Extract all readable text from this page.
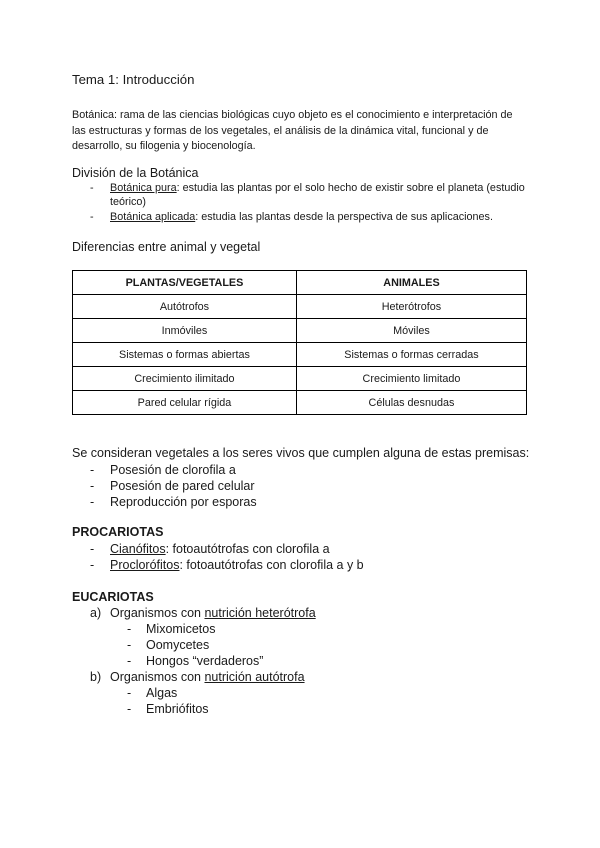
Tema 1: Introducción
Botánica: rama de las ciencias biológicas cuyo objeto es el conocimiento e interpretación de las estructuras y formas de los vegetales, el análisis de la dinámica vital, funcional y de desarrollo, su filogenia y biocenología.
División de la Botánica
- Botánica pura: estudia las plantas por el solo hecho de existir sobre el planeta (estudio teórico)
- Botánica aplicada: estudia las plantas desde la perspectiva de sus aplicaciones.
Diferencias entre animal y vegetal
PLANTAS/VEGETALES	ANIMALES
Autótrofos	Heterótrofos
Inmóviles	Móviles
Sistemas o formas abiertas	Sistemas o formas cerradas
Crecimiento ilimitado	Crecimiento limitado
Pared celular rígida	Células desnudas
Se consideran vegetales a los seres vivos que cumplen alguna de estas premisas:
- Posesión de clorofila a
- Posesión de pared celular
- Reproducción por esporas
PROCARIOTAS
- Cianófitos: fotoautótrofas con clorofila a
- Proclorófitos: fotoautótrofas con clorofila a y b
EUCARIOTAS
a) Organismos con nutrición heterótrofa
- Mixomicetos
- Oomycetes
- Hongos “verdaderos”
b) Organismos con nutrición autótrofa
- Algas
- Embriófitos
